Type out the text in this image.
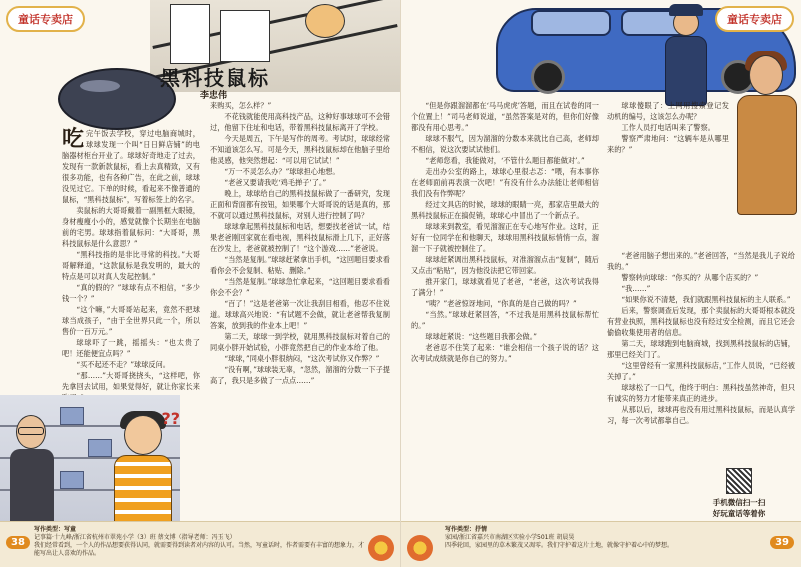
童话专卖店
黑科技鼠标
李忠伟

吃完午饭去学校，穿过电脑商城时，球球发现一个叫“日日鲜店铺”的电脑器材柜台开业了。球球好奇地走了过去，发现有一款新款鼠标，看上去真精致，又有很多功能，也有各种广告，在此之前，球球没见过它。下单的时候，看起来不像普通的鼠标，“黑科技鼠标”，写着标签上的名字。

卖鼠标的大哥哥戴着一副黑框大眼镜，身材瘦瘦小小的，感觉就像个长期坐在电脑前的宅男。球球指着鼠标问：“大哥哥，黑科技鼠标是什么意思？”

“黑科技指的是非比寻常的科技。”大哥哥解释道，“这款鼠标是我发明的，最大的特点是可以对真人发起控制。”

“真的假的？”球球有点不相信，“多少钱一个？”

“这个嘛，”大哥哥站起来，竟然不把球球当成孩子，“由于全世界只此一个，所以售价一百万元。”

球球吓了一跳，摇摇头：“也太贵了吧！还能便宜点吗？”

“买不起还不走？”球球反问。

“那……”大哥哥挠挠头，“这样吧，你先拿回去试用，如果觉得好，就让你家长来

来购买，怎么样？”

不花钱就能使用高科技产品，这种好事球球可不会错过，他留下住址和电话，带着黑科技鼠标离开了学校。

今天是周五，下午是写作的周考。考试时，球球经常不知道该怎么写。可是今天，黑科技鼠标却在他脑子里给他灵感，他突然想起：“可以用它试试！”

“万一不灵怎么办？”球球担心地想。

“老爸又要请我吃‘鸡毛掸子’了。”

晚上，球球给自己的黑科技鼠标做了一番研究，发现正面和背面都有按钮，如果哪个大哥哥说的话是真的，那不就可以通过黑科技鼠标，对别人进行控制了吗？

球球拿起黑科技鼠标和电话，想要找老爸试一试，结果老爸刚回家就在看电视，黑科技鼠标滑上几下，正好落在沙发上，老爸就被控制了！“这个游戏……”老爸说。

“当然是复制。”球球赶紧拿出手机，“这回题目要求看看你会不会复制、粘贴、删除。”

“当然是复制。”球球急忙拿起来，“这回题目要求看看你会不会？”

“百了！”这是老爸第一次让我刮目相看，他忍不住说道。球球高兴地说：“有试题不会做，就让老爸帮我复制答案，放到我的作业本上吧！”

第二天，球球一到学校，就用黑科技鼠标对着自己的同桌小胖开始试验，小胖竟然把自己的作业本给了他。

“球球，”同桌小胖很纳闷，“这次考试你又作弊？”

“没有啊，”球球装无辜，“忽然，溜溜的分数一下子提高了，我只是多做了一点点……”

??
写作类型：写童
记事篇·十九峰/浙江省杭州市翠苑小学（3）班 蔡文博（指导老师：冯玉飞）
我们经常看到，一个人的作品想要获得认同，就需要得到读者对内容的认可。当然，写童话时，作者需要有丰富的想象力，才能写出让人喜欢的作品。
38
童话专卖店

“但是你跟溜溜都在‘马马虎虎’答题，而且在试卷的同一个位置上！”司马老师说道，“虽然答案是对的，但你们好像都没有用心思考。”

球球不服气，因为溜溜的分数本来就比自己高，老师却不相信，说这次要试试他们。

“老师您看，我能做对，‘不管什么题目都能做对’。”

走出办公室的路上，球球心里很忐忑：“喂，有本事你在老师面前再表演一次吧！”有没有什么办法能让老师相信我们没有作弊呢？

经过文具店的时候，球球的眼睛一亮，那家店里最大的黑科技鼠标正在搞促销，球球心中冒出了一个新点子。

球球来到教室，看见溜溜正在专心地写作业。这时，正好有一位同学在和他聊天，球球用黑科技鼠标悄悄一点，溜溜一下子就被控制住了。

球球赶紧调出黑科技鼠标，对准溜溜点击“复制”，随后又点击“粘贴”，因为他没法把它带回家。

推开家门，球球就看见了老爸，“老爸，这次考试我得了满分！”

“咦？”老爸惊讶地问，“你真的是自己做的吗？”

“当然。”球球赶紧回答，“不过我是用黑科技鼠标帮忙的。”

球球赶紧说：“这些题目我都会做。”

老爸忍不住笑了起来：“谁会相信一个孩子说的话？这次考试成绩就是你自己的努力。”

球球傻眼了：上网用搜索登记发动机的编号，这该怎么办呢？

工作人员打电话叫来了警察。

警察严肃地问：“这辆车是从哪里来的？”

“老爸用脑子想出来的。”老爸回答，“当然是我儿子说给我的。”

警察转向球球：“你买的？从哪个店买的？”

“我……”

“如果你说不清楚，我们就跟黑科技鼠标的主人联系。”

后来，警察调查后发现，那个卖鼠标的大哥哥根本就没有营业执照，黑科技鼠标也没有经过安全检测，而且它还会偷偷收集使用者的信息。

第二天，球球跑到电脑商城，找到黑科技鼠标的店铺，那里已经关门了。

“这里曾经有一家黑科技鼠标店，”工作人员说，“已经被关掉了。”

球球松了一口气，他终于明白：黑科技虽然神奇，但只有诚实的努力才能带来真正的进步。

从那以后，球球再也没有用过黑科技鼠标，而是认真学习，每一次考试都靠自己。

手机微信扫一扫
好玩童话等着你
写作类型：抒情
家园/浙江省嘉兴市南湖区实验小学501班 胡晨昊
四季轮回，家园里的草木繁茂又凋零。我们守护着这片土地，就像守护着心中的梦想。	39
